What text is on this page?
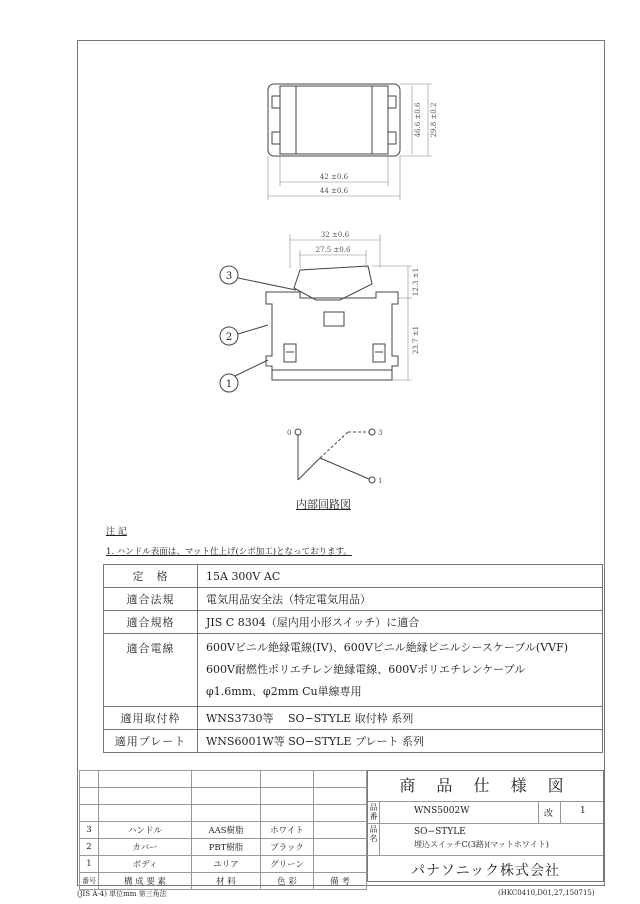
46.6 ±0.6 29.8 ±0.2
42 ±0.6
44 ±0.6
32 ±0.6
27.5 ±0.6
12.3 ±1
23.7 ±1
3
2
1
0	3
1
内部回路図
注 記
1. ハンドル表面は、マット仕上げ(シボ加工)となっております。
定　格	15A 300V AC
適合法規	電気用品安全法（特定電気用品）
適合規格	JIS C 8304（屋内用小形スイッチ）に適合
適合電線	600Vビニル絶縁電線(IV)、600Vビニル絶縁ビニルシースケーブル(VVF)
600V耐燃性ポリエチレン絶縁電線、600Vポリエチレンケーブル
φ1.6mm、φ2mm Cu単線専用

適用取付枠	WNS3730等　 SO−STYLE 取付枠 系列
適用プレート	WNS6001W等 SO−STYLE プレート 系列

3	ハンドル	AAS樹脂	ホワイト	
2	カバー	PBT樹脂	ブラック	
1	ボディ	ユリア	グリーン	
番号	構 成 要 素	材 料	色 彩	備 考
商 品 仕 様 図
品番
WNS5002W	改	1
品名
SO−STYLE
埋込スイッチC(3路)(マットホワイト)
パナソニック株式会社
(JIS A-4) 単位mm 第三角法	(HKC0410,D01,27,150715)
